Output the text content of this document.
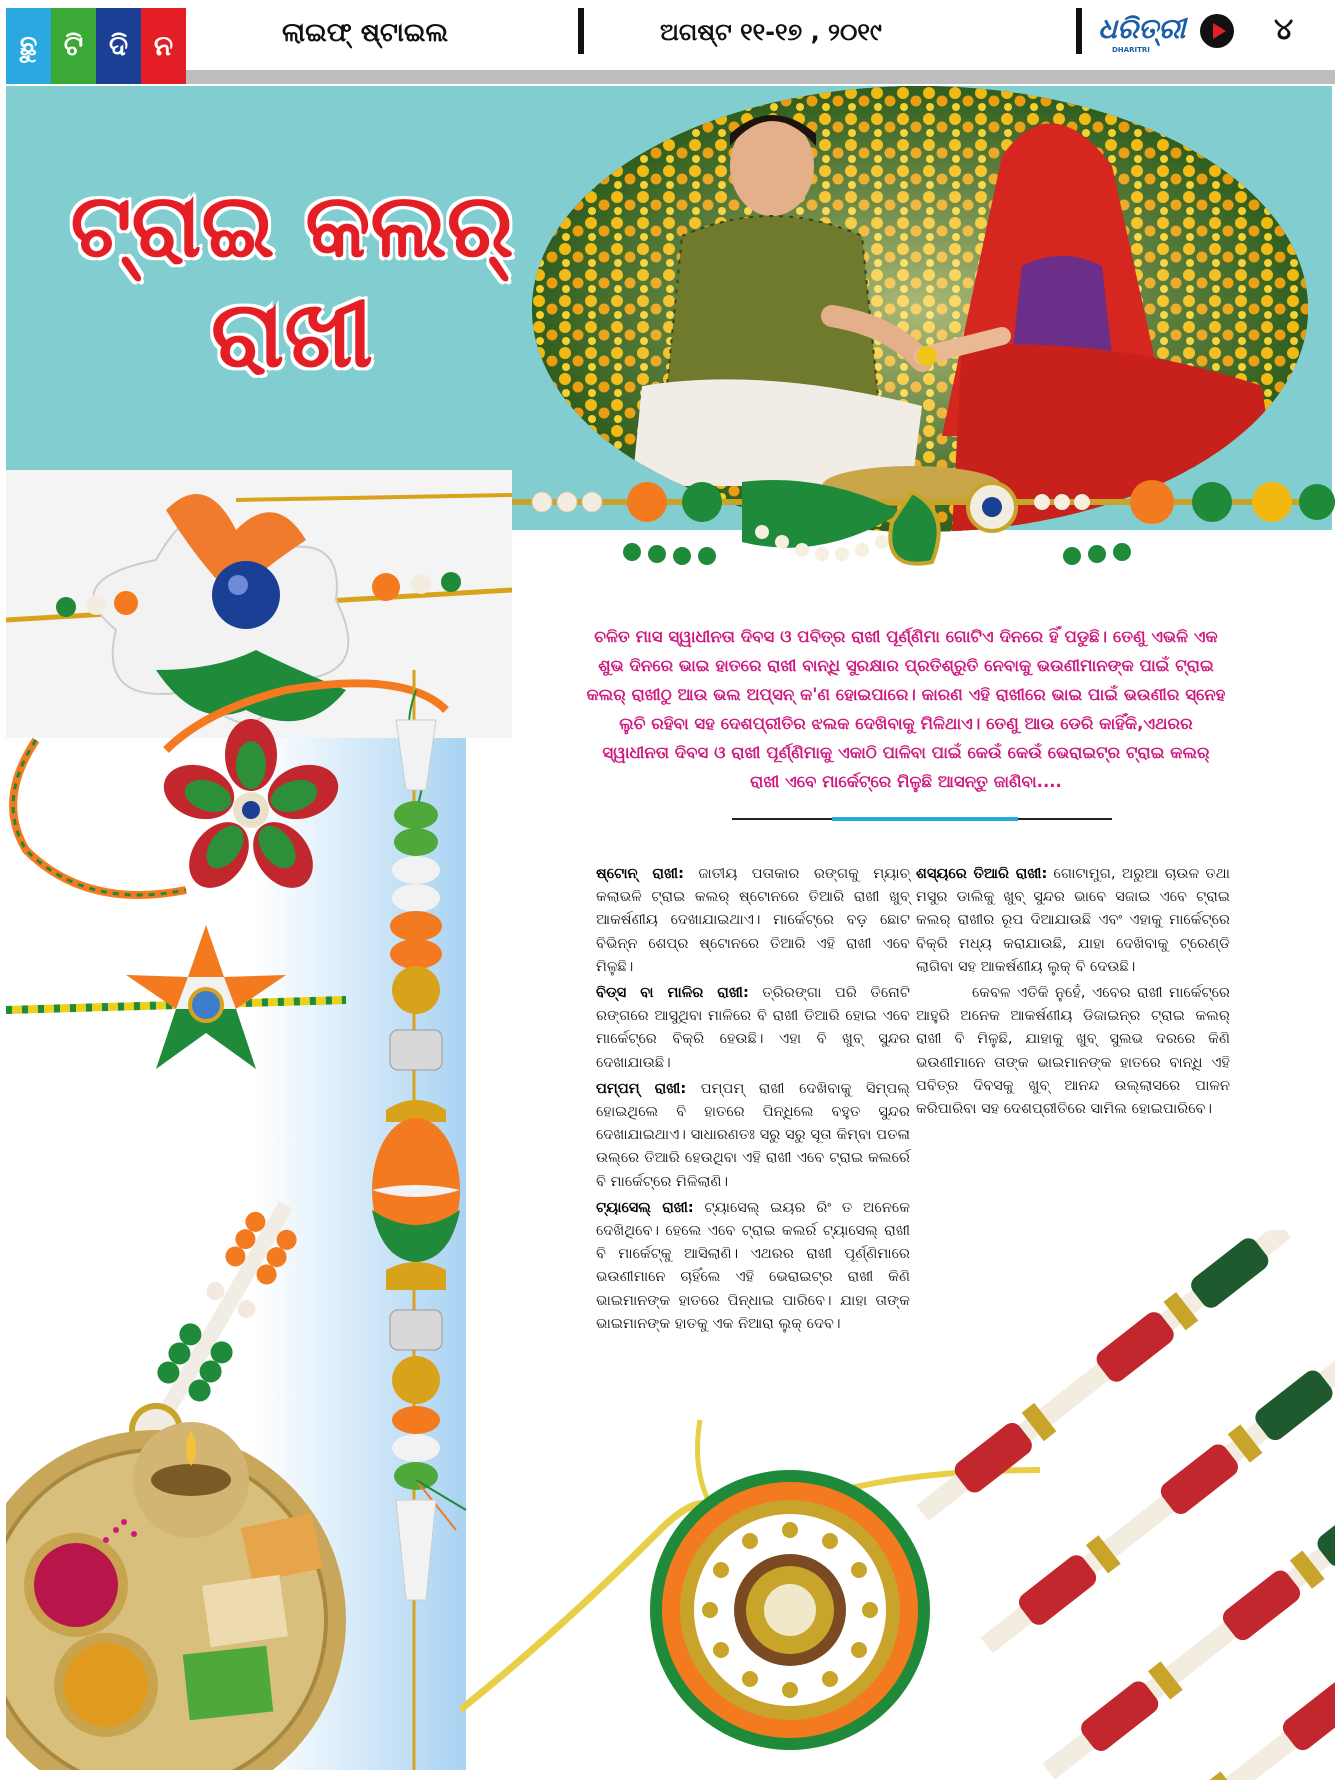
ଛୁ ଟି ଦି ନ	ଲାଇଫ୍ ଷ୍ଟାଇଲ	ଅଗଷ୍ଟ ୧୧-୧୭ , ୨୦୧୯	ଧରିତ୍ରୀ
DHARITRI
୪
ଟ୍ରାଇ କଲର୍
ରାଖୀ
ଚଳିତ ମାସ ସ୍ୱାଧୀନତା ଦିବସ ଓ ପବିତ୍ର ରାଖୀ ପୂର୍ଣ୍ଣିମା ଗୋଟିଏ ଦିନରେ ହିଁ ପଡୁଛି। ତେଣୁ ଏଭଳି ଏକ ଶୁଭ ଦିନରେ ଭାଇ ହାତରେ ରାଖୀ ବାନ୍ଧି ସୁରକ୍ଷାର ପ୍ରତିଶ୍ରୁତି ନେବାକୁ ଭଉଣୀମାନଙ୍କ ପାଇଁ ଟ୍ରାଇ କଲର୍ ରାଖୀଠୁ ଆଉ ଭଲ ଅପ୍ସନ୍ କ'ଣ ହୋଇପାରେ। କାରଣ ଏହି ରାଖୀରେ ଭାଇ ପାଇଁ ଭଉଣୀର ସ୍ନେହ ଲୁଚି ରହିବା ସହ ଦେଶପ୍ରୀତିର ଝଲକ ଦେଖିବାକୁ ମିଳିଥାଏ। ତେଣୁ ଆଉ ଡେରି କାହିଁକି,ଏଥରର ସ୍ୱାଧୀନତା ଦିବସ ଓ ରାଖୀ ପୂର୍ଣ୍ଣିମାକୁ ଏକାଠି ପାଳିବା ପାଇଁ କେଉଁ କେଉଁ ଭେରାଇଟ୍ର ଟ୍ରାଇ କଲର୍ ରାଖୀ ଏବେ ମାର୍କେଟ୍ରେ ମିଳୁଛି ଆସନ୍ତୁ ଜାଣିବା....

ଷ୍ଟୋନ୍ ରାଖୀ: ଜାତୀୟ ପତାକାର ରଙ୍ଗକୁ ମ୍ୟାଚ୍ କଲାଭଳି ଟ୍ରାଇ କଲର୍ ଷ୍ଟୋନରେ ତିଆରି ରାଖୀ ଖୁବ୍ ଆକର୍ଷଣୀୟ ଦେଖାଯାଇଥାଏ। ମାର୍କେଟ୍ରେ ବଡ଼ ଛୋଟ ବିଭିନ୍ନ ଶେପ୍ର ଷ୍ଟୋନରେ ତିଆରି ଏହି ରାଖୀ ଏବେ ମିଳୁଛି।

ବିଡ୍ସ ବା ମାଳିର ରାଖୀ: ତ୍ରିରଙ୍ଗା ପରି ତିନୋଟି ରଙ୍ଗରେ ଆସୁଥିବା ମାଳିରେ ବି ରାଖୀ ତିଆରି ହୋଇ ଏବେ ମାର୍କେଟ୍ରେ ବିକ୍ରି ହେଉଛି। ଏହା ବି ଖୁବ୍ ସୁନ୍ଦର ଦେଖାଯାଉଛି।

ପମ୍ପମ୍ ରାଖୀ: ପମ୍ପମ୍ ରାଖୀ ଦେଖିବାକୁ ସିମ୍ପଲ୍ ହୋଇଥିଲେ ବି ହାତରେ ପିନ୍ଧିଲେ ବହୁତ ସୁନ୍ଦର ଦେଖାଯାଇଥାଏ। ସାଧାରଣତଃ ସରୁ ସରୁ ସୂତା କିମ୍ବା ପତଳା ଉଲ୍ରେ ତିଆରି ହେଉଥିବା ଏହି ରାଖୀ ଏବେ ଟ୍ରାଇ କଲର୍ରେ ବି ମାର୍କେଟ୍ରେ ମିଳିଲାଣି।

ଟ୍ୟାସେଲ୍ ରାଖୀ: ଟ୍ୟାସେଲ୍ ଇୟର ରିଂ ତ ଅନେକେ ଦେଖିଥିବେ। ହେଲେ ଏବେ ଟ୍ରାଇ କଲର୍ର ଟ୍ୟାସେଲ୍ ରାଖୀ ବି ମାର୍କେଟ୍କୁ ଆସିଲାଣି। ଏଥରର ରାଖୀ ପୂର୍ଣ୍ଣିମାରେ ଭଉଣୀମାନେ ଚାହିଁଲେ ଏହି ଭେରାଇଟ୍ର ରାଖୀ କିଣି ଭାଇମାନଙ୍କ ହାତରେ ପିନ୍ଧାଇ ପାରିବେ। ଯାହା ତାଙ୍କ ଭାଇମାନଙ୍କ ହାତକୁ ଏକ ନିଆରା ଲୁକ୍ ଦେବ।

ଶସ୍ୟରେ ତିଆରି ରାଖୀ: ଗୋଟାମୁଗ, ଅରୁଆ ଚାଉଳ ତଥା ମସୁର ଡାଲିକୁ ଖୁବ୍ ସୁନ୍ଦର ଭାବେ ସଜାଇ ଏବେ ଟ୍ରାଇ କଲର୍ ରାଖୀର ରୂପ ଦିଆଯାଉଛି ଏବଂ ଏହାକୁ ମାର୍କେଟ୍ରେ ବିକ୍ରି ମଧ୍ୟ କରାଯାଉଛି, ଯାହା ଦେଖିବାକୁ ଟ୍ରେଣ୍ଡି ଲାଗିବା ସହ ଆକର୍ଷଣୀୟ ଲୁକ୍ ବି ଦେଉଛି।

କେବଳ ଏତିକି ନୁହେଁ, ଏବେର ରାଖୀ ମାର୍କେଟ୍ରେ ଆହୁରି ଅନେକ ଆକର୍ଷଣୀୟ ଡିଜାଇନ୍ର ଟ୍ରାଇ କଲର୍ ରାଖୀ ବି ମିଳୁଛି, ଯାହାକୁ ଖୁବ୍ ସୁଲଭ ଦରରେ କିଣି ଭଉଣୀମାନେ ତାଙ୍କ ଭାଇମାନଙ୍କ ହାତରେ ବାନ୍ଧି ଏହି ପବିତ୍ର ଦିବସକୁ ଖୁବ୍ ଆନନ୍ଦ ଉଲ୍ଲାସରେ ପାଳନ କରିପାରିବା ସହ ଦେଶପ୍ରୀତିରେ ସାମିଲ ହୋଇପାରିବେ।
